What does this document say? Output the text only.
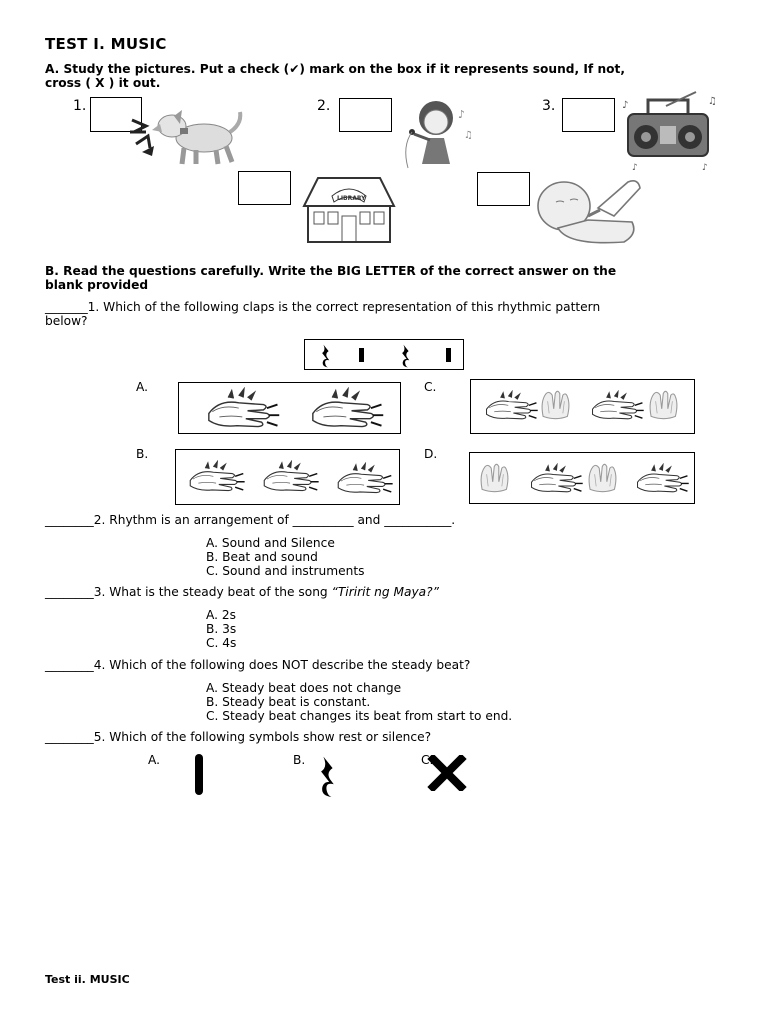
TEST I. MUSIC
A. Study the pictures. Put a check (✔) mark on the box if it represents sound, If not,
cross ( X ) it out.
1.	2.
♪
♫
3.	♪	♫
♪	♪
LIBRARY
B. Read the questions carefully. Write the BIG LETTER of the correct answer on the
blank provided
_______1. Which of the following claps is the correct representation of this rhythmic pattern
below?
A.	C.
B.	D.
________2. Rhythm is an arrangement of __________ and ___________.
A. Sound and Silence
B. Beat and sound
C. Sound and instruments
________3. What is the steady beat of the song “Tiririt ng Maya?”
A. 2s
B. 3s
C. 4s
________4. Which of the following does NOT describe the steady beat?
A. Steady beat does not change
B. Steady beat is constant.
C. Steady beat changes its beat from start to end.
________5. Which of the following symbols show rest or silence?
A.	B.	C.
Test ii. MUSIC
